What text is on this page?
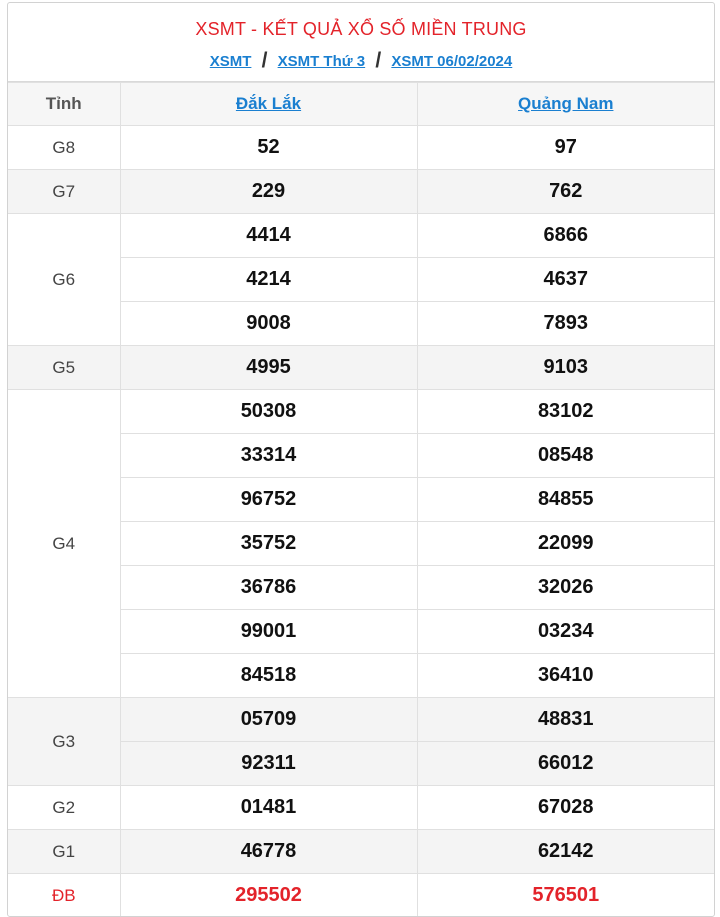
XSMT - KẾT QUẢ XỔ SỐ MIỀN TRUNG
XSMT / XSMT Thứ 3 / XSMT 06/02/2024
Tỉnh	Đắk Lắk	Quảng Nam
G8	52	97
G7	229	762
G6	4414	6866
	4214	4637
	9008	7893
G5	4995	9103
G4	50308	83102
	33314	08548
	96752	84855
	35752	22099
	36786	32026
	99001	03234
	84518	36410
G3	05709	48831
	92311	66012
G2	01481	67028
G1	46778	62142
ĐB	295502	576501
